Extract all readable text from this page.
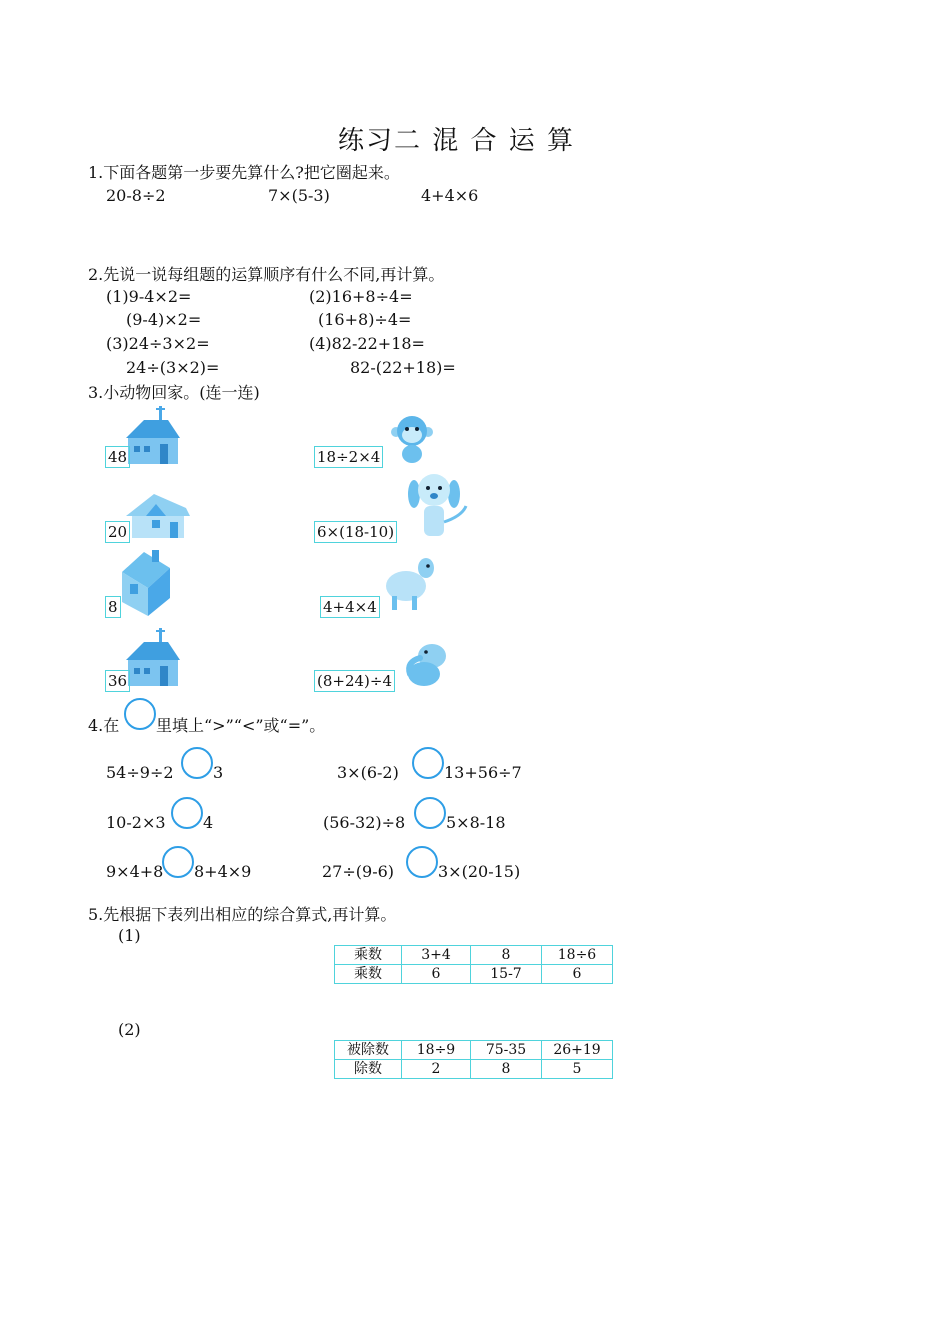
练习二 混 合 运 算
1.下面各题第一步要先算什么?把它圈起来。
20-8÷2	7×(5-3)	4+4×6
2.先说一说每组题的运算顺序有什么不同,再计算。
(1)9-4×2=	(2)16+8÷4=
(9-4)×2=	(16+8)÷4=
(3)24÷3×2=	(4)82-22+18=
24÷(3×2)=	82-(22+18)=
3.小动物回家。(连一连)
48	18÷2×4
20	6×(18-10)
8	4+4×4
36	(8+24)÷4
4.在 里填上“>”“<”或“=”。
54÷9÷2 3	3×(6-2)	13+56÷7
10-2×3 4	(56-32)÷8	5×8-18
9×4+8 8+4×9	27÷(9-6)	3×(20-15)
5.先根据下表列出相应的综合算式,再计算。
(1)
乘数	3+4	8	18÷6
乘数	6	15-7	6
(2)
被除数	18÷9	75-35	26+19
除数	2	8	5
